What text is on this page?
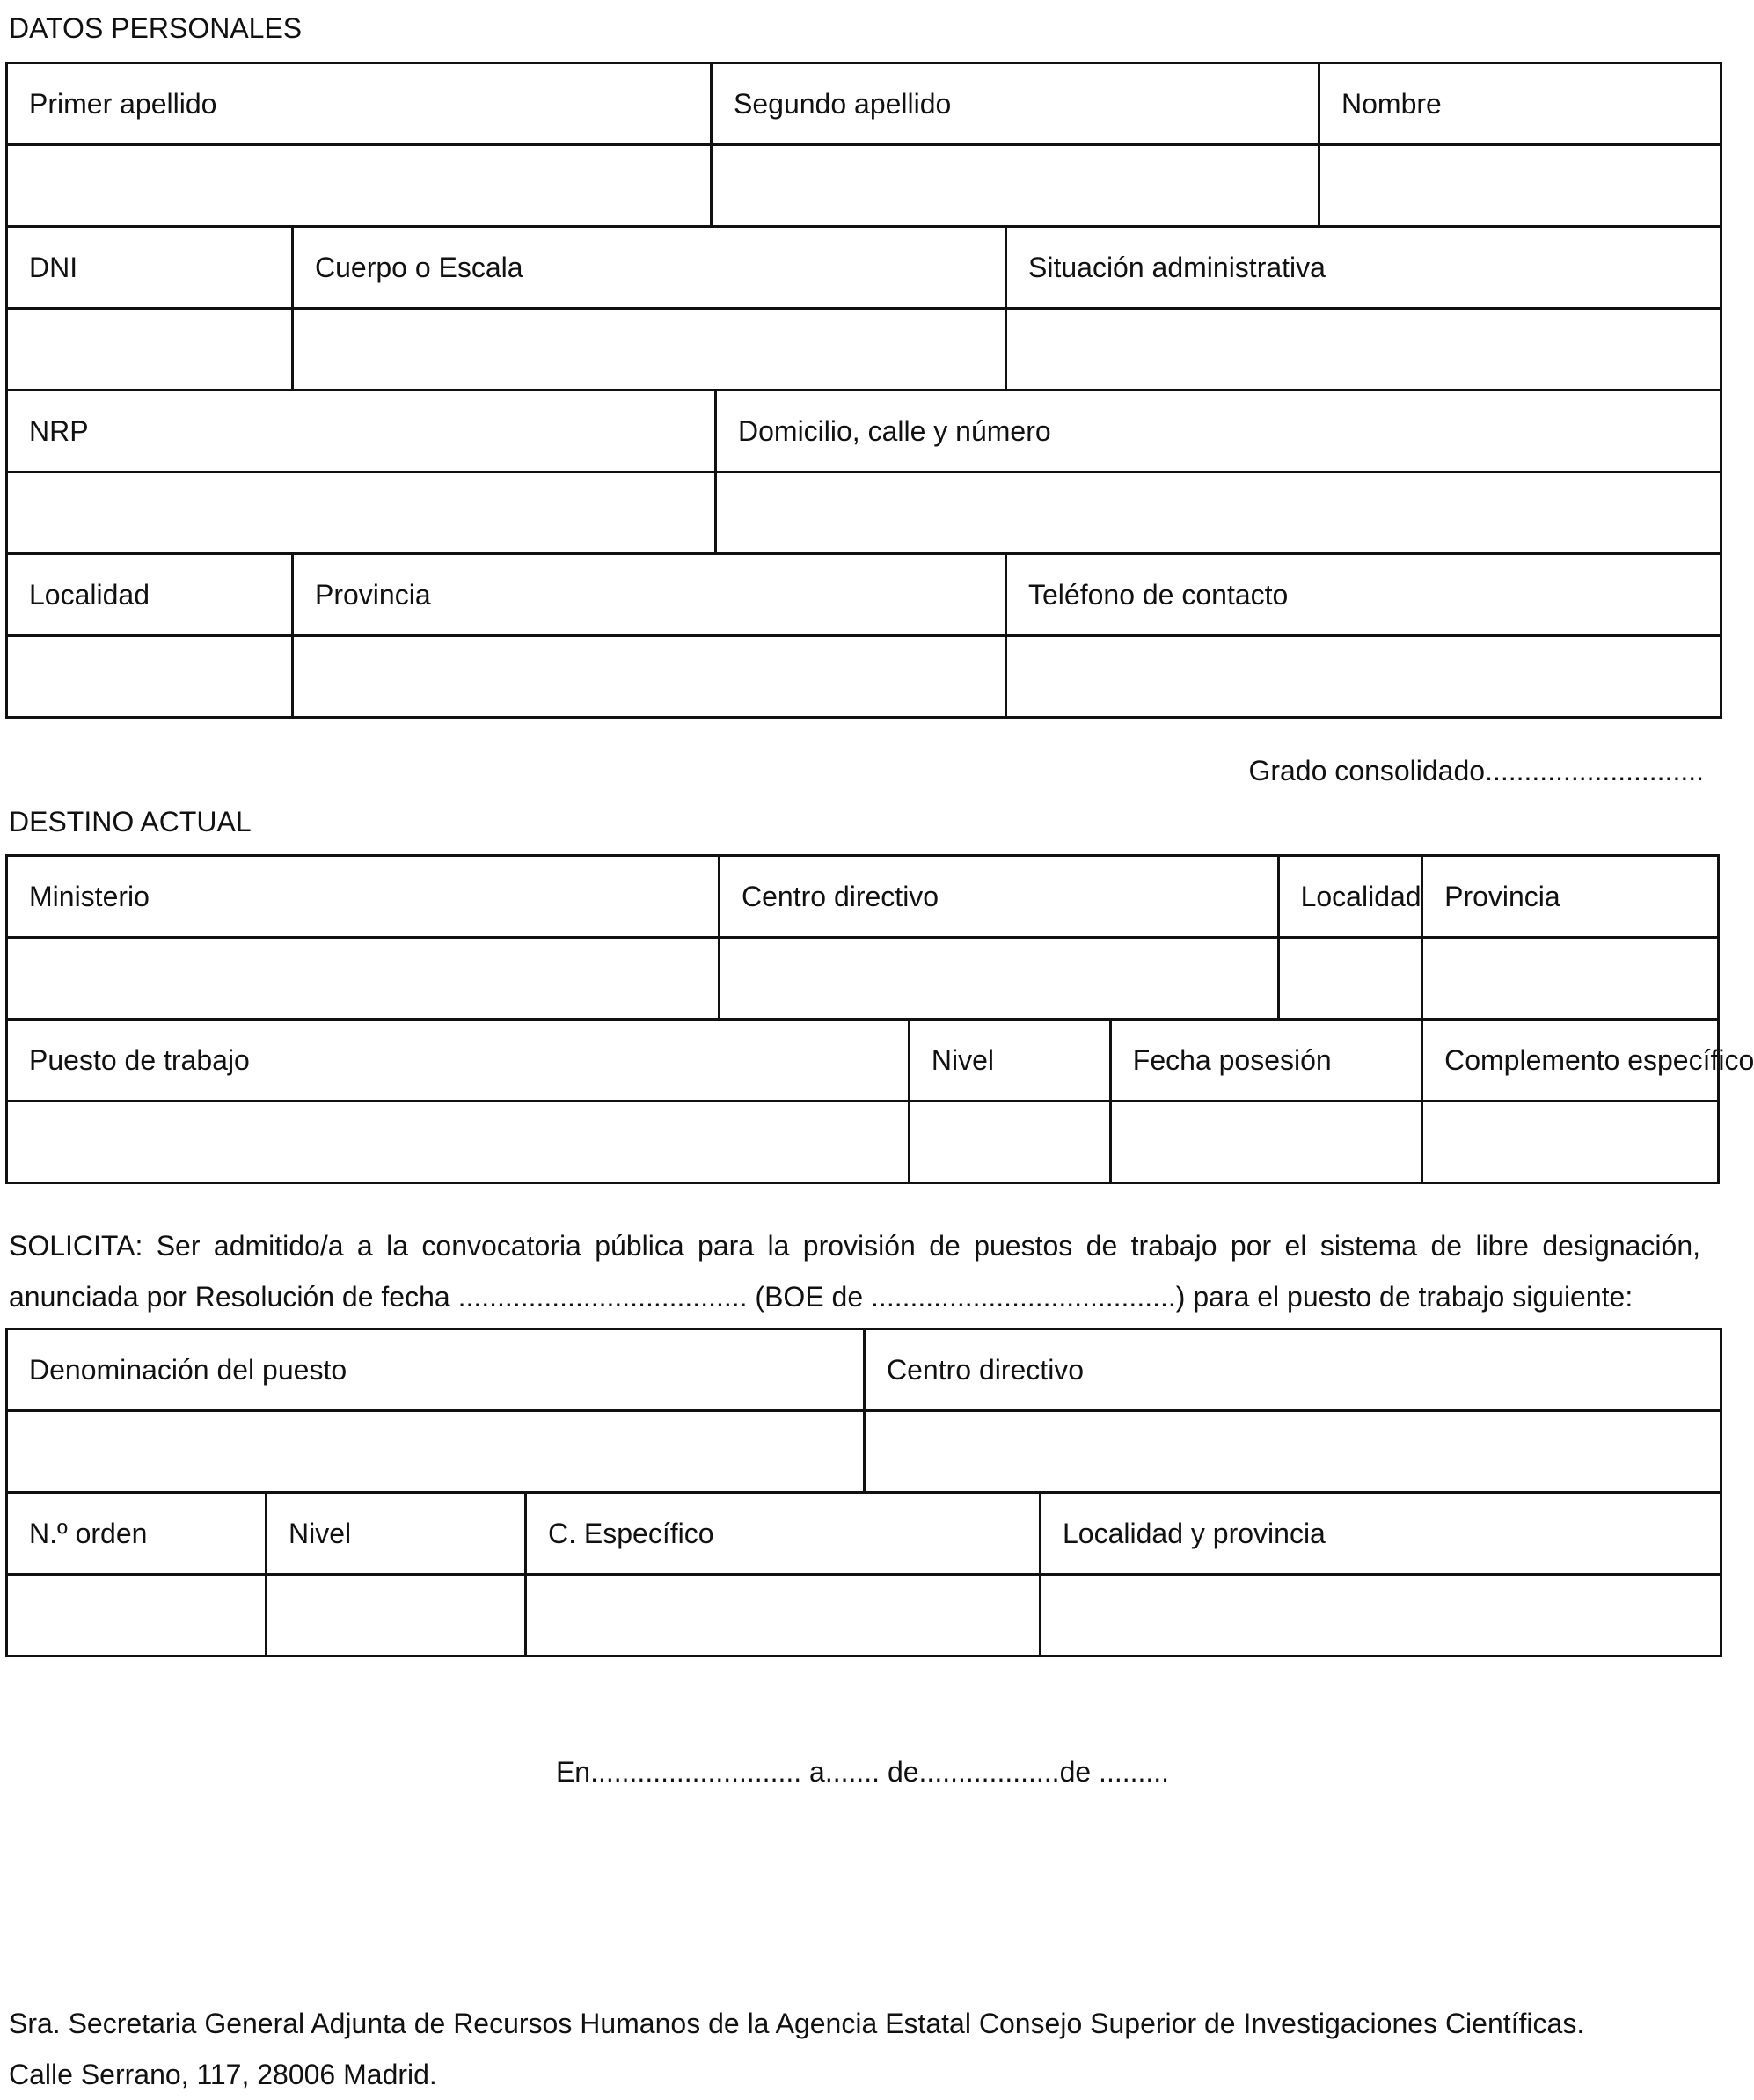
DATOS PERSONALES
Primer apellido		Segundo apellido			Nombre

DNI	Cuerpo o Escala			Situación administrativa	

NRP			Domicilio, calle y número		

Localidad	Provincia			Teléfono de contacto	

Grado consolidado............................
DESTINO ACTUAL
Ministerio	Centro directivo			Localidad	Provincia

Puesto de trabajo		Nivel	Fecha posesión		Complemento específico

SOLICITA: Ser admitido/a a la convocatoria pública para la provisión de puestos de trabajo por el sistema de libre designación, anunciada por Resolución de fecha ..................................... (BOE de .......................................) para el puesto de trabajo siguiente:

Denominación del puesto			Centro directivo	

N.º orden	Nivel	C. Específico		Localidad y provincia

En........................... a....... de..................de .........
Sra. Secretaria General Adjunta de Recursos Humanos de la Agencia Estatal Consejo Superior de Investigaciones Científicas.
Calle Serrano, 117, 28006 Madrid.
